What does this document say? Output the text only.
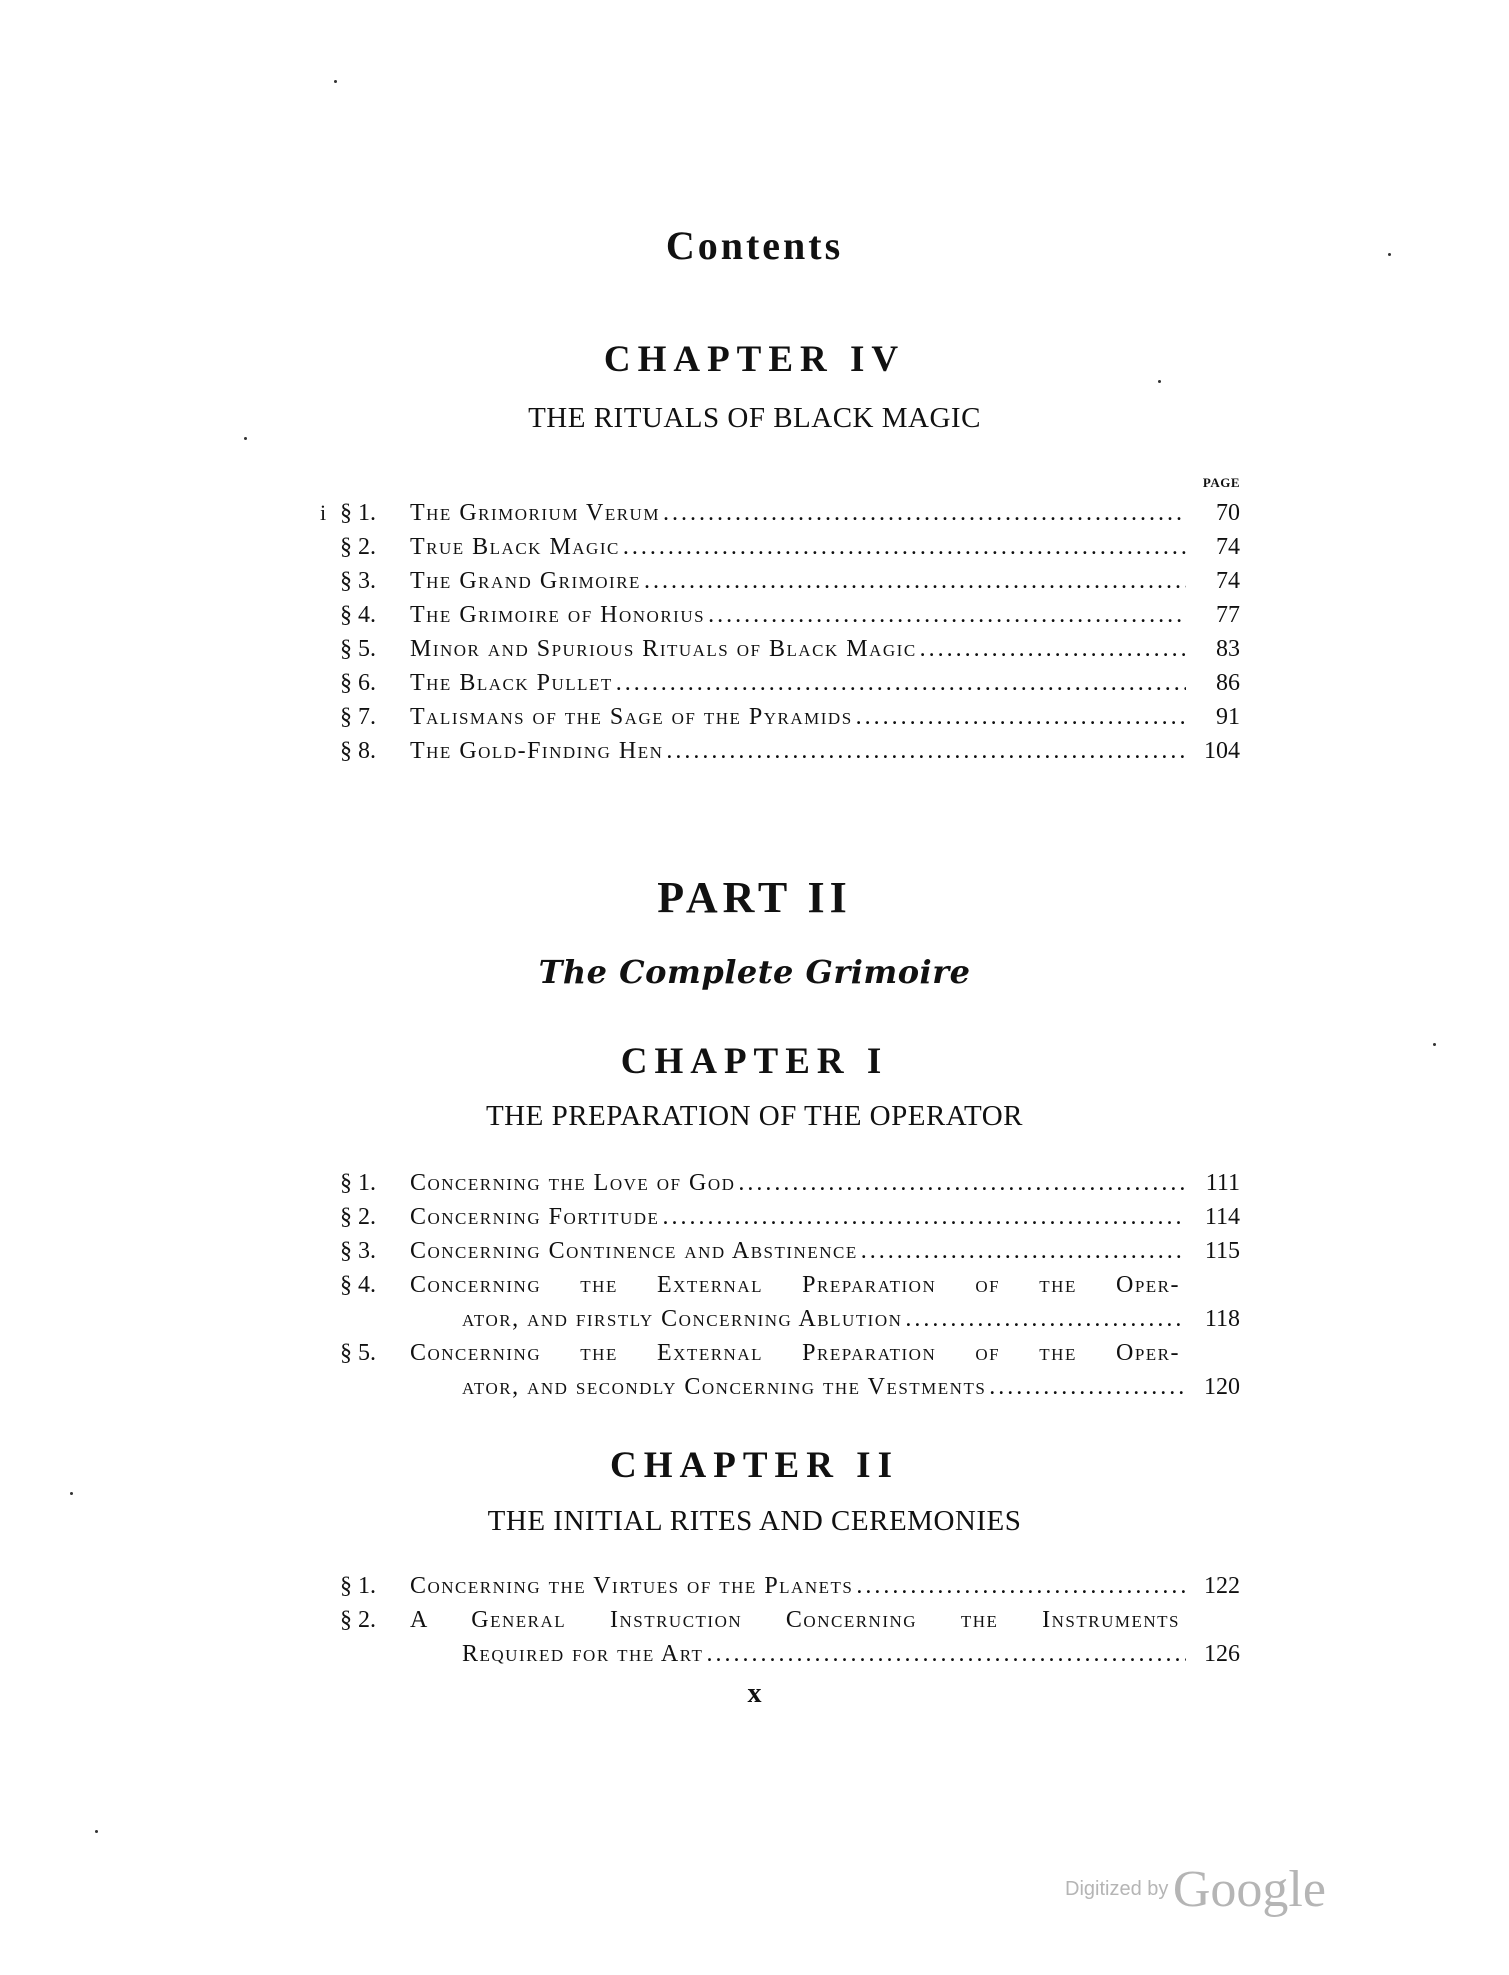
Contents
CHAPTER IV
THE RITUALS OF BLACK MAGIC
i
PAGE
§ 1. The Grimorium Verum .....	70
§ 2. True Black Magic .....	74
§ 3. The Grand Grimoire .....	74
§ 4. The Grimoire of Honorius .....	77
§ 5. Minor and Spurious Rituals of Black Magic .....	83
§ 6. The Black Pullet .....	86
§ 7. Talismans of the Sage of the Pyramids .....	91
§ 8. The Gold-Finding Hen .....	104
PART II
The Complete Grimoire
CHAPTER I
THE PREPARATION OF THE OPERATOR
§ 1. Concerning the Love of God .....	111
§ 2. Concerning Fortitude .....	114
§ 3. Concerning Continence and Abstinence .....	115
§ 4. Concerning the External Preparation of the Oper-
ator, and firstly Concerning Ablution .....	118
§ 5. Concerning the External Preparation of the Oper-
ator, and secondly Concerning the Vestments .....	120
CHAPTER II
THE INITIAL RITES AND CEREMONIES
§ 1. Concerning the Virtues of the Planets .....	122
§ 2. A General Instruction Concerning the Instruments
Required for the Art .....	126
x
Digitized by Google
